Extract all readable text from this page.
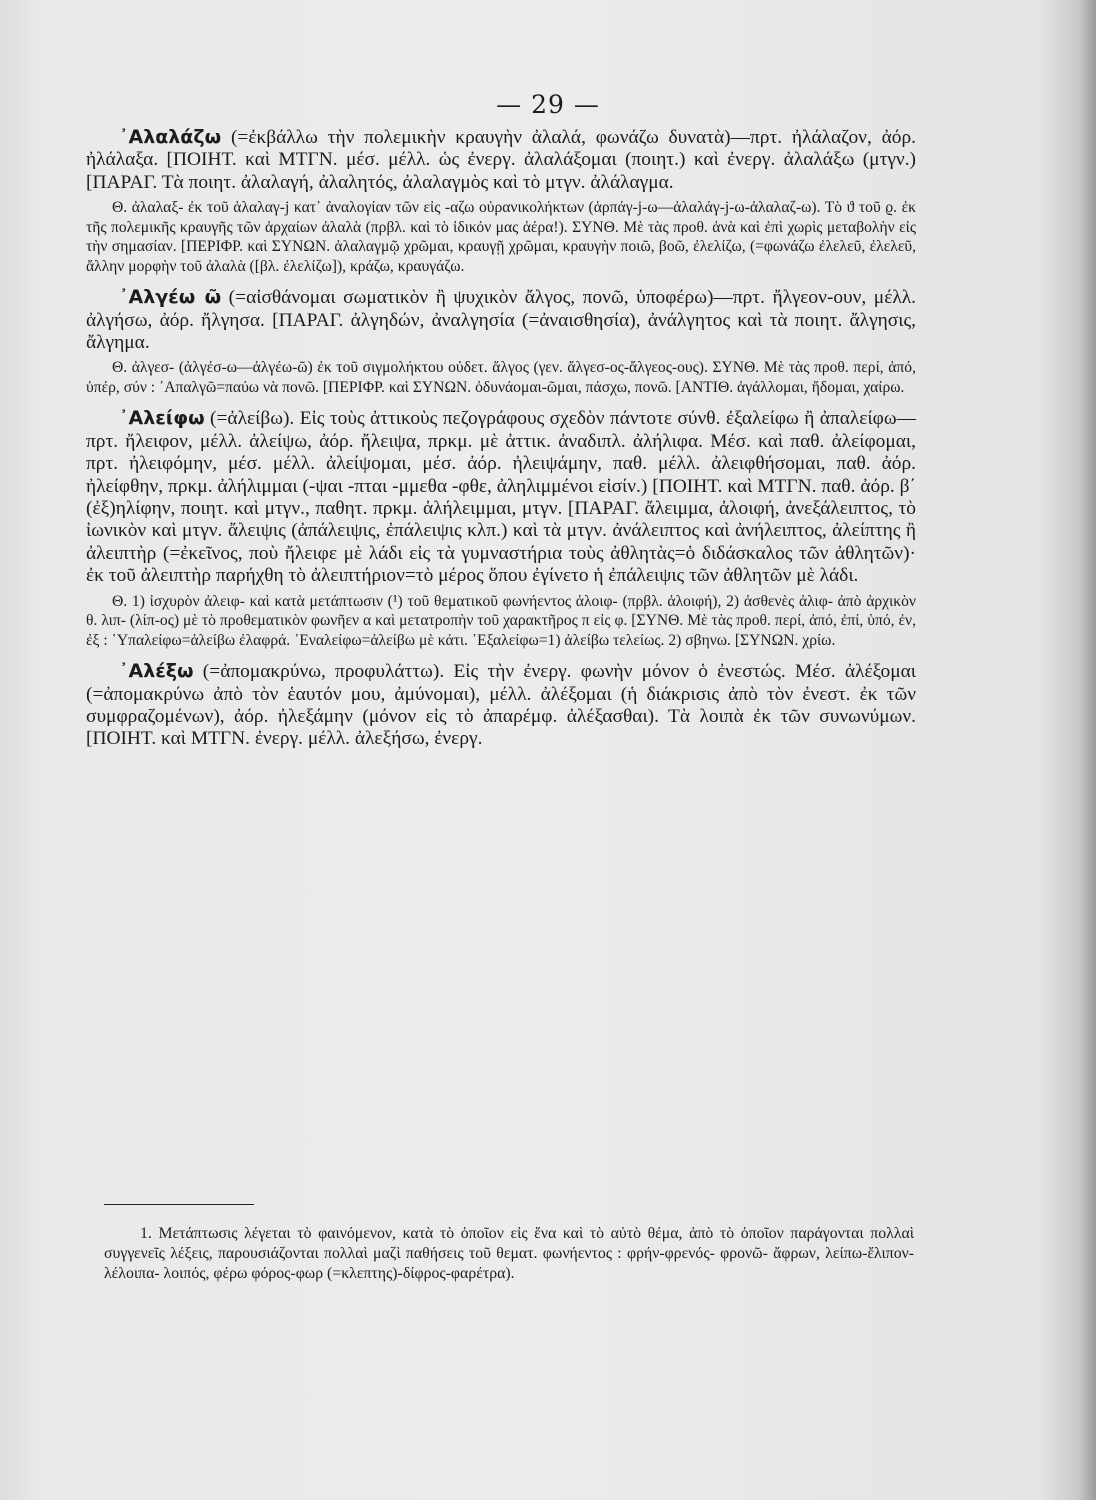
— 29 —

᾿Αλαλάζω (=ἐκβάλλω τὴν πολεμικὴν κραυγὴν ἀλαλά, φωνάζω δυνατὰ)—πρτ. ἠλάλαζον, ἀόρ. ἠλάλαξα. [ΠΟΙΗΤ. καὶ ΜΤΓΝ. μέσ. μέλλ. ὡς ἐνεργ. ἀλαλάξομαι (ποιητ.) καὶ ἐνεργ. ἀλαλάξω (μτγν.) [ΠΑΡΑΓ. Τὰ ποιητ. ἀλαλαγή, ἀλαλητός, ἀλαλαγμὸς καὶ τὸ μτγν. ἀλάλαγμα.

Θ. ἀλαλαξ- ἐκ τοῦ ἀλαλαγ-j κατ᾿ ἀναλογίαν τῶν εἰς -αζω οὐρανικολήκτων (ἁρπάγ-j-ω—ἀλαλάγ-j-ω-ἀλαλαζ-ω). Τὸ ϑ τοῦ ϱ. ἐκ τῆς πολεμικῆς κραυγῆς τῶν ἀρχαίων ἀλαλὰ (πρβλ. καὶ τὸ ἰδικόν μας ἀέρα!). ΣΥΝΘ. Μὲ τὰς προθ. ἀνὰ καὶ ἐπὶ χωρὶς μεταβολὴν εἰς τὴν σημασίαν. [ΠΕΡΙΦΡ. καὶ ΣΥΝΩΝ. ἀλαλαγμῷ χρῶμαι, κραυγῇ χρῶμαι, κραυγὴν ποιῶ, βοῶ, ἐλελίζω, (=φωνάζω ἐλελεῦ, ἐλελεῦ, ἄλλην μορφὴν τοῦ ἀλαλὰ ([βλ. ἐλελίζω]), κράζω, κραυγάζω.

᾿Αλγέω ῶ (=αἰσθάνομαι σωματικὸν ἢ ψυχικὸν ἄλγος, πονῶ, ὑποφέρω)—πρτ. ἤλγεον-ουν, μέλλ. ἀλγήσω, ἀόρ. ἤλγησα. [ΠΑΡΑΓ. ἀλγηδών, ἀναλγησία (=ἀναισθησία), ἀνάλγητος καὶ τὰ ποιητ. ἄλγησις, ἄλγημα.

Θ. ἀλγεσ- (ἀλγέσ-ω—ἀλγέω-ῶ) ἐκ τοῦ σιγμολήκτου οὐδετ. ἄλγος (γεν. ἄλγεσ-ος-ἄλγεος-ους). ΣΥΝΘ. Μὲ τὰς προθ. περί, ἀπό, ὑπέρ, σύν : ᾿Απαλγῶ=παύω νὰ πονῶ. [ΠΕΡΙΦΡ. καὶ ΣΥΝΩΝ. ὀδυνάομαι-ῶμαι, πάσχω, πονῶ. [ΑΝΤΙΘ. ἀγάλλομαι, ἥδομαι, χαίρω.

᾿Αλείφω (=ἀλείβω). Εἰς τοὺς ἀττικοὺς πεζογράφους σχεδὸν πάντοτε σύνθ. ἐξαλείφω ἢ ἀπαλείφω—πρτ. ἤλειφον, μέλλ. ἀλείψω, ἀόρ. ἤλειψα, πρκμ. μὲ ἀττικ. ἀναδιπλ. ἀλήλιφα. Μέσ. καὶ παθ. ἀλείφομαι, πρτ. ἠλειφόμην, μέσ. μέλλ. ἀλείψομαι, μέσ. ἀόρ. ἠλειψάμην, παθ. μέλλ. ἀλειφθήσομαι, παθ. ἀόρ. ἠλείφθην, πρκμ. ἀλήλιμμαι (-ψαι -πται -μμεθα -φθε, ἀληλιμμένοι εἰσίν.) [ΠΟΙΗΤ. καὶ ΜΤΓΝ. παθ. ἀόρ. β΄ (ἐξ)ηλίφην, ποιητ. καὶ μτγν., παθητ. πρκμ. ἀλήλειμμαι, μτγν. [ΠΑΡΑΓ. ἄλειμμα, ἀλοιφή, ἀνεξάλειπτος, τὸ ἰωνικὸν καὶ μτγν. ἄλειψις (ἀπάλειψις, ἐπάλειψις κλπ.) καὶ τὰ μτγν. ἀνάλειπτος καὶ ἀνήλειπτος, ἀλείπτης ἢ ἀλειπτὴρ (=ἐκεῖνος, ποὺ ἤλειφε μὲ λάδι εἰς τὰ γυμναστήρια τοὺς ἀθλητὰς=ὁ διδάσκαλος τῶν ἀθλητῶν)· ἐκ τοῦ ἀλειπτὴρ παρήχθη τὸ ἀλειπτήριον=τὸ μέρος ὅπου ἐγίνετο ἡ ἐπάλειψις τῶν ἀθλητῶν μὲ λάδι.

Θ. 1) ἰσχυρὸν ἀλειφ- καὶ κατὰ μετάπτωσιν (¹) τοῦ θεματικοῦ φωνήεντος ἀλοιφ- (πρβλ. ἀλοιφή), 2) ἀσθενὲς ἀλιφ- ἀπὸ ἀρχικὸν θ. λιπ- (λίπ-ος) μὲ τὸ προθεματικὸν φωνῆεν α καὶ μετατροπὴν τοῦ χαρακτῆρος π εἰς φ. [ΣΥΝΘ. Μὲ τὰς προθ. περί, ἀπό, ἐπί, ὑπό, ἐν, ἐξ : ῾Υπαλείφω=ἀλείβω ἐλαφρά. ᾿Εναλείφω=ἀλείβω μὲ κάτι. ᾿Εξαλείφω=1) ἀλείβω τελείως. 2) σβηνω. [ΣΥΝΩΝ. χρίω.

᾿Αλέξω (=ἀπομακρύνω, προφυλάττω). Εἰς τὴν ἐνεργ. φωνὴν μόνον ὁ ἐνεστώς. Μέσ. ἀλέξομαι (=ἀπομακρύνω ἀπὸ τὸν ἑαυτόν μου, ἀμύνομαι), μέλλ. ἀλέξομαι (ἡ διάκρισις ἀπὸ τὸν ἐνεστ. ἐκ τῶν συμφραζομένων), ἀόρ. ἠλεξάμην (μόνον εἰς τὸ ἀπαρέμφ. ἀλέξασθαι). Τὰ λοιπὰ ἐκ τῶν συνωνύμων. [ΠΟΙΗΤ. καὶ ΜΤΓΝ. ἐνεργ. μέλλ. ἀλεξήσω, ἐνεργ.

1. Μετάπτωσις λέγεται τὸ φαινόμενον, κατὰ τὸ ὁποῖον εἰς ἕνα καὶ τὸ αὐτὸ θέμα, ἀπὸ τὸ ὁποῖον παράγονται πολλαὶ συγγενεῖς λέξεις, παρουσιάζονται πολλαὶ μαζὶ παθήσεις τοῦ θεματ. φωνήεντος : φρήν-φρενός- φρονῶ- ἄφρων, λείπω-ἔλιπον- λέλοιπα- λοιπός, φέρω φόρος-φωρ (=κλεπτης)-δίφρος-φαρέτρα).
